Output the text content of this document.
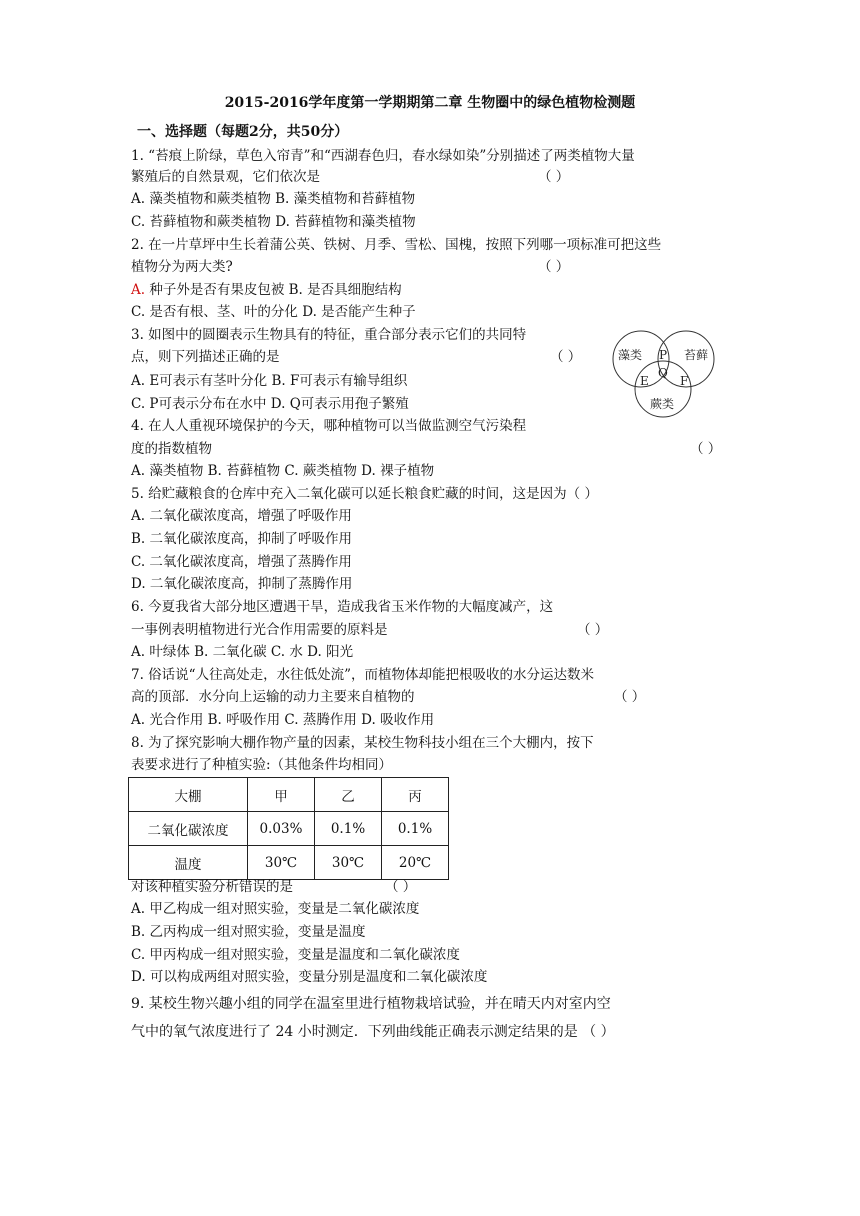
2015-2016学年度第一学期期第二章 生物圈中的绿色植物检测题
一、选择题（每题2分，共50分）
1. “苔痕上阶绿，草色入帘青”和“西湖春色归，春水绿如染”分别描述了两类植物大量
繁殖后的自然景观，它们依次是	（ ）
A. 藻类植物和蕨类植物 B. 藻类植物和苔藓植物
C. 苔藓植物和蕨类植物 D. 苔藓植物和藻类植物
2. 在一片草坪中生长着蒲公英、铁树、月季、雪松、国槐，按照下列哪一项标准可把这些
植物分为两大类?	（ ）
A. 种子外是否有果皮包被 B. 是否具细胞结构
C. 是否有根、茎、叶的分化 D. 是否能产生种子
3. 如图中的圆圈表示生物具有的特征，重合部分表示它们的共同特
点，则下列描述正确的是	（ ）
A. E可表示有茎叶分化 B. F可表示有输导组织
C. P可表示分布在水中 D. Q可表示用孢子繁殖
藻类	苔藓
蕨类
P
Q
E	F
4. 在人人重视环境保护的今天，哪种植物可以当做监测空气污染程
度的指数植物	（ ）
A. 藻类植物 B. 苔藓植物 C. 蕨类植物 D. 裸子植物
5. 给贮藏粮食的仓库中充入二氧化碳可以延长粮食贮藏的时间，这是因为（ ）
A. 二氧化碳浓度高，增强了呼吸作用
B. 二氧化碳浓度高，抑制了呼吸作用
C. 二氧化碳浓度高，增强了蒸腾作用
D. 二氧化碳浓度高，抑制了蒸腾作用
6. 今夏我省大部分地区遭遇干旱，造成我省玉米作物的大幅度减产，这
一事例表明植物进行光合作用需要的原料是	（ ）
A. 叶绿体 B. 二氧化碳 C. 水 D. 阳光
7. 俗话说“人往高处走，水往低处流”，而植物体却能把根吸收的水分运达数米
高的顶部．水分向上运输的动力主要来自植物的	（ ）
A. 光合作用 B. 呼吸作用 C. 蒸腾作用 D. 吸收作用
8. 为了探究影响大棚作物产量的因素，某校生物科技小组在三个大棚内，按下
表要求进行了种植实验:（其他条件均相同）
大棚	甲	乙	丙
二氧化碳浓度	0.03%	0.1%	0.1%
温度	30℃	30℃	20℃
对该种植实验分析错误的是	（ ）
A. 甲乙构成一组对照实验，变量是二氧化碳浓度
B. 乙丙构成一组对照实验，变量是温度
C. 甲丙构成一组对照实验，变量是温度和二氧化碳浓度
D. 可以构成两组对照实验，变量分别是温度和二氧化碳浓度
9. 某校生物兴趣小组的同学在温室里进行植物栽培试验，并在晴天内对室内空
气中的氧气浓度进行了 24 小时测定．下列曲线能正确表示测定结果的是 （ ）
